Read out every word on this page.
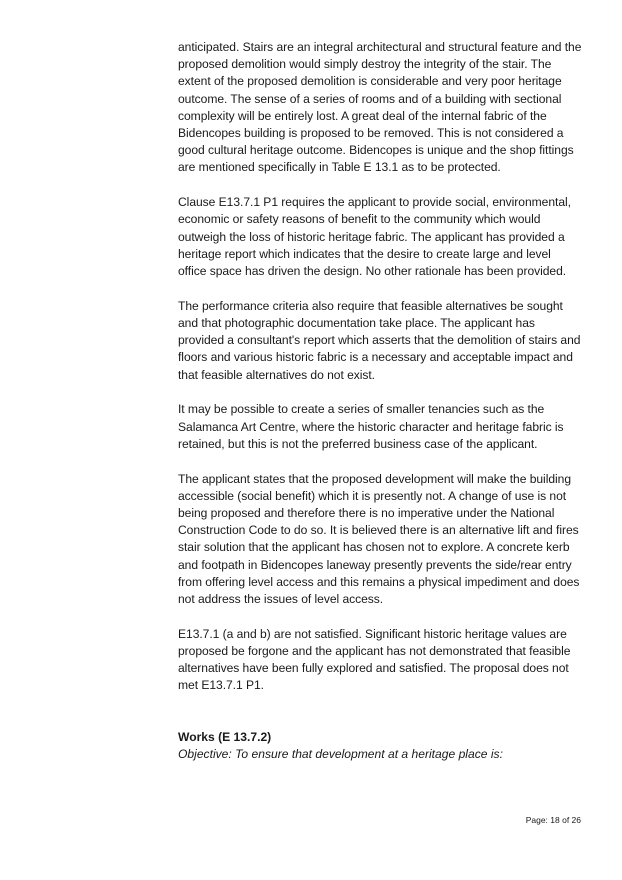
anticipated. Stairs are an integral architectural and structural feature and the proposed demolition would simply destroy the integrity of the stair. The extent of the proposed demolition is considerable and very poor heritage outcome. The sense of a series of rooms and of a building with sectional complexity will be entirely lost. A great deal of the internal fabric of the Bidencopes building is proposed to be removed. This is not considered a good cultural heritage outcome. Bidencopes is unique and the shop fittings are mentioned specifically in Table E 13.1 as to be protected.

Clause E13.7.1 P1 requires the applicant to provide social, environmental, economic or safety reasons of benefit to the community which would outweigh the loss of historic heritage fabric. The applicant has provided a heritage report which indicates that the desire to create large and level office space has driven the design. No other rationale has been provided.

The performance criteria also require that feasible alternatives be sought and that photographic documentation take place. The applicant has provided a consultant's report which asserts that the demolition of stairs and floors and various historic fabric is a necessary and acceptable impact and that feasible alternatives do not exist.

It may be possible to create a series of smaller tenancies such as the Salamanca Art Centre, where the historic character and heritage fabric is retained, but this is not the preferred business case of the applicant.

The applicant states that the proposed development will make the building accessible (social benefit) which it is presently not. A change of use is not being proposed and therefore there is no imperative under the National Construction Code to do so. It is believed there is an alternative lift and fires stair solution that the applicant has chosen not to explore. A concrete kerb and footpath in Bidencopes laneway presently prevents the side/rear entry from offering level access and this remains a physical impediment and does not address the issues of level access.

E13.7.1 (a and b) are not satisfied. Significant historic heritage values are proposed be forgone and the applicant has not demonstrated that feasible alternatives have been fully explored and satisfied. The proposal does not met E13.7.1 P1.

Works (E 13.7.2)
Objective: To ensure that development at a heritage place is:
Page: 18 of 26
